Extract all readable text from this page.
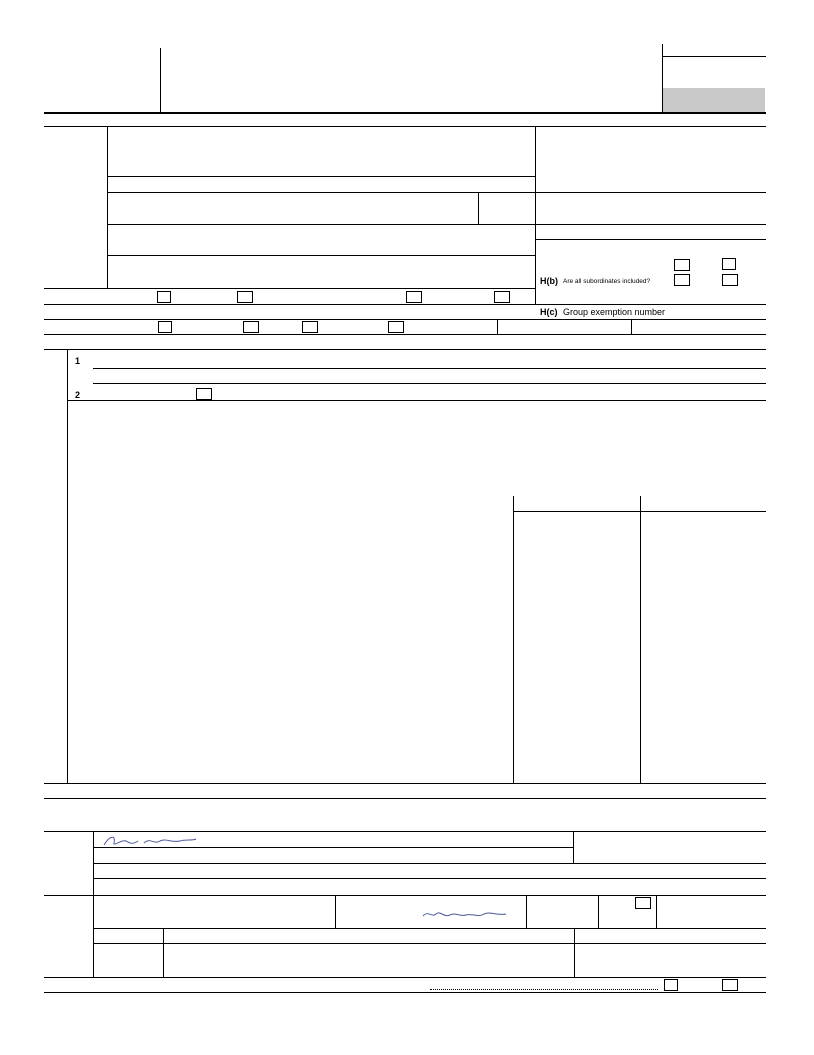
H(b) Are all subordinates included?
H(c) Group exemption number
1
2
